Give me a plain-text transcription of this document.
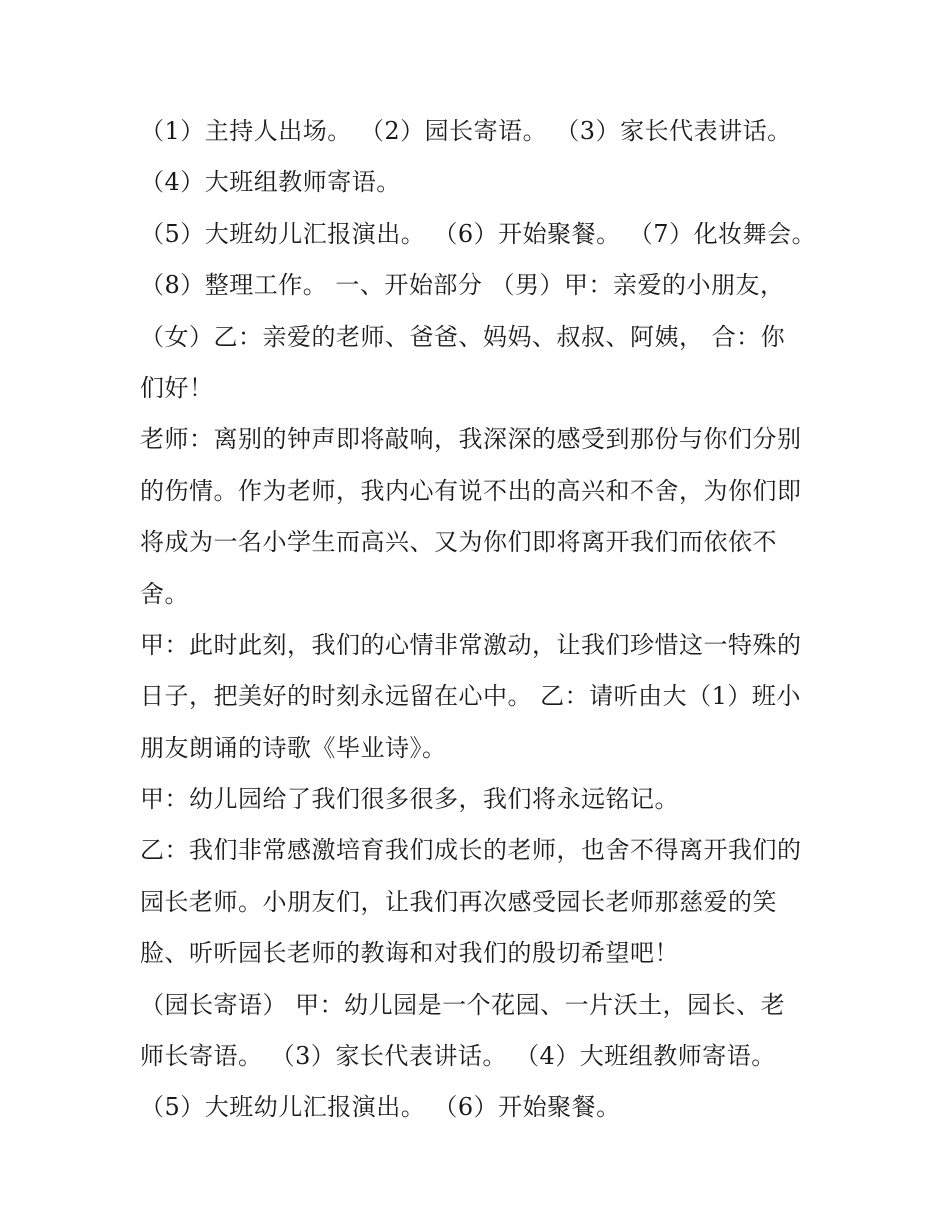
（1）主持人出场。 （2）园长寄语。 （3）家长代表讲话。
（4）大班组教师寄语。
（5）大班幼儿汇报演出。 （6）开始聚餐。 （7）化妆舞会。
（8）整理工作。 一、开始部分 （男）甲：亲爱的小朋友，
（女）乙：亲爱的老师、爸爸、妈妈、叔叔、阿姨， 合：你
们好！
老师：离别的钟声即将敲响，我深深的感受到那份与你们分别
的伤情。作为老师，我内心有说不出的高兴和不舍，为你们即
将成为一名小学生而高兴、又为你们即将离开我们而依依不
舍。
甲：此时此刻，我们的心情非常激动，让我们珍惜这一特殊的
日子，把美好的时刻永远留在心中。 乙：请听由大（1）班小
朋友朗诵的诗歌《毕业诗》。
甲：幼儿园给了我们很多很多，我们将永远铭记。
乙：我们非常感激培育我们成长的老师，也舍不得离开我们的
园长老师。小朋友们，让我们再次感受园长老师那慈爱的笑
脸、听听园长老师的教诲和对我们的殷切希望吧！
（园长寄语） 甲：幼儿园是一个花园、一片沃土，园长、老
师长寄语。 （3）家长代表讲话。 （4）大班组教师寄语。
（5）大班幼儿汇报演出。 （6）开始聚餐。
